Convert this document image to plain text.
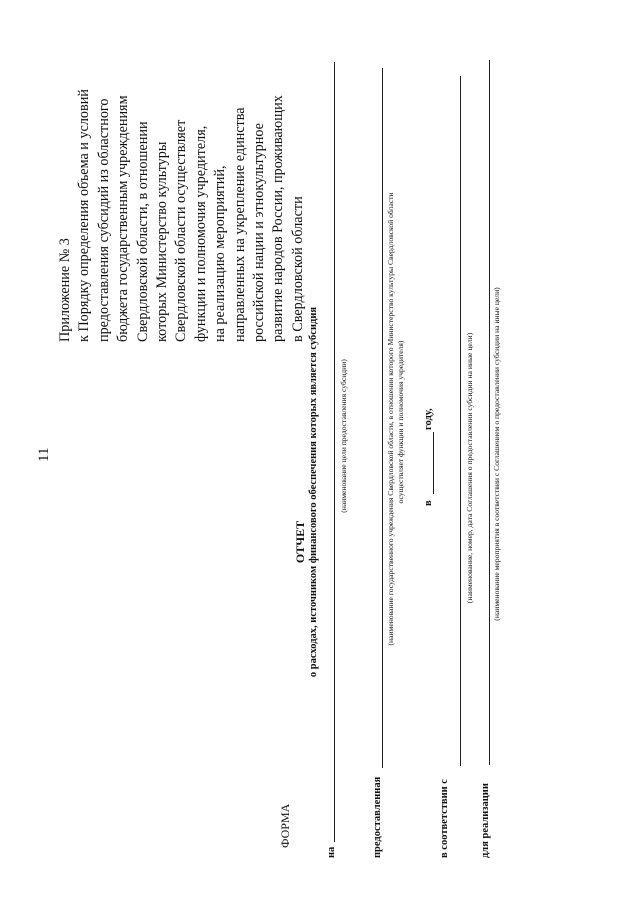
11
Приложение № 3 к Порядку определения объема и условий предоставления субсидий из областного бюджета государственным учреждениям Свердловской области, в отношении которых Министерство культуры Свердловской области осуществляет функции и полномочия учредителя, на реализацию мероприятий, направленных на укрепление единства российской нации и этнокультурное развитие народов России, проживающих в Свердловской области
ФОРМА
ОТЧЕТ о расходах, источником финансового обеспечения которых является субсидия
на
(наименование цели предоставления субсидии)
предоставленная
(наименование государственного учреждения Свердловской области, в отношении которого Министерство культуры Свердловской области осуществляет функции и полномочия учредителя) в
году,
в соответствии с
(наименование, номер, дата Соглашения о предоставлении субсидии на иные цели)
для реализации
(наименование мероприятия в соответствии с Соглашением о предоставлении субсидии на иные цели)
